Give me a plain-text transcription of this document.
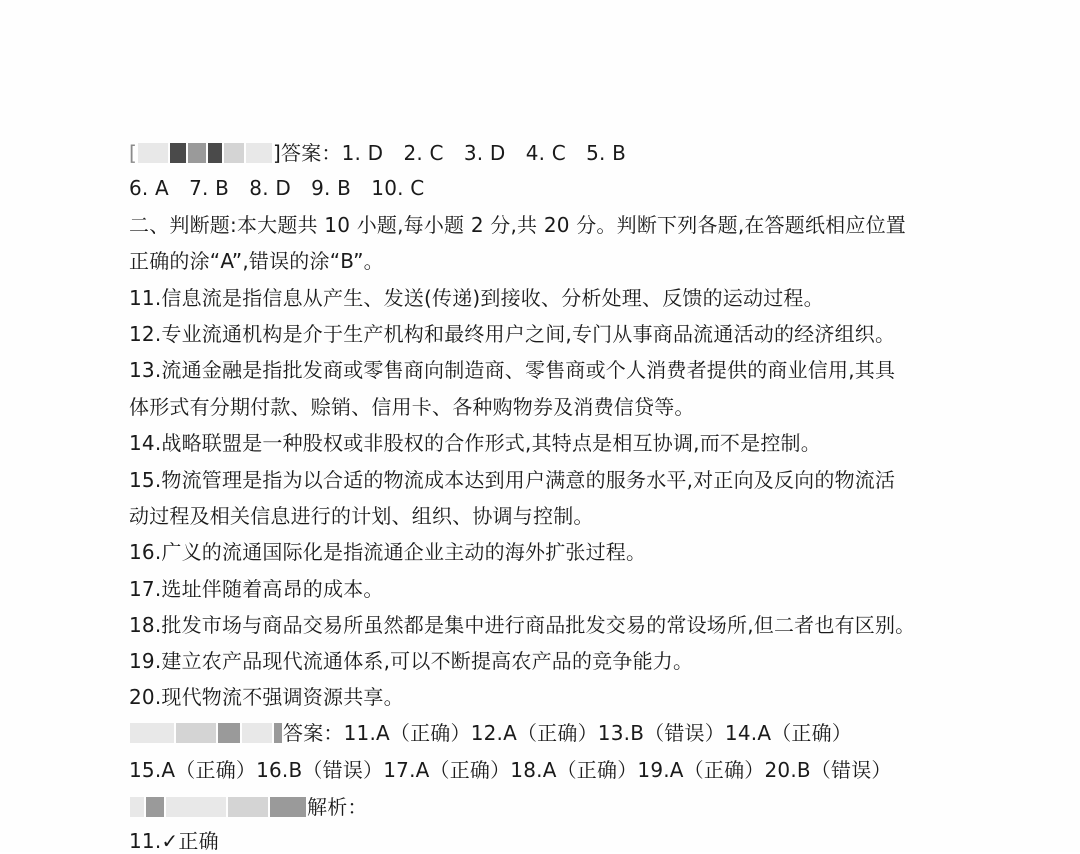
[	]答案：1. D　2. C　3. D　4. C　5. B
6. A　7. B　8. D　9. B　10. C
二、判断题:本大题共 10 小题,每小题 2 分,共 20 分。判断下列各题,在答题纸相应位置
正确的涂“A”,错误的涂“B”。
11.信息流是指信息从产生、发送(传递)到接收、分析处理、反馈的运动过程。
12.专业流通机构是介于生产机构和最终用户之间,专门从事商品流通活动的经济组织。
13.流通金融是指批发商或零售商向制造商、零售商或个人消费者提供的商业信用,其具
体形式有分期付款、赊销、信用卡、各种购物券及消费信贷等。
14.战略联盟是一种股权或非股权的合作形式,其特点是相互协调,而不是控制。
15.物流管理是指为以合适的物流成本达到用户满意的服务水平,对正向及反向的物流活
动过程及相关信息进行的计划、组织、协调与控制。
16.广义的流通国际化是指流通企业主动的海外扩张过程。
17.选址伴随着高昂的成本。
18.批发市场与商品交易所虽然都是集中进行商品批发交易的常设场所,但二者也有区别。
19.建立农产品现代流通体系,可以不断提高农产品的竞争能力。
20.现代物流不强调资源共享。
答案：11.A（正确）12.A（正确）13.B（错误）14.A（正确）
15.A（正确）16.B（错误）17.A（正确）18.A（正确）19.A（正确）20.B（错误）
解析：
11.✓正确
